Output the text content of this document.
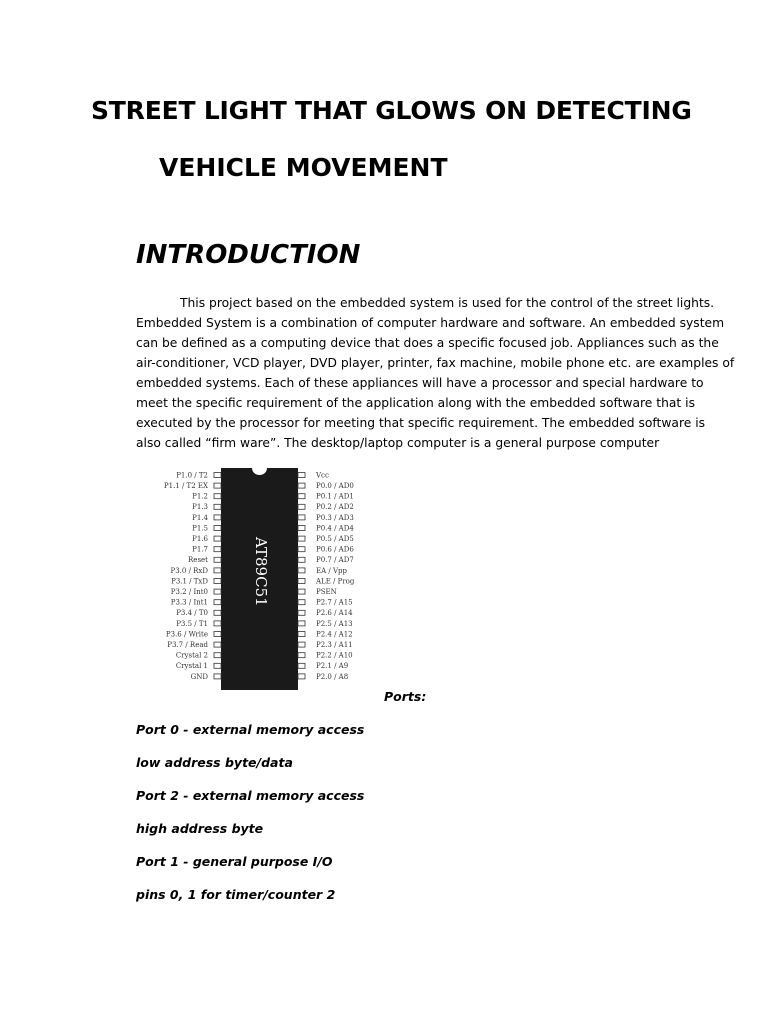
STREET LIGHT THAT GLOWS ON DETECTING
VEHICLE MOVEMENT
INTRODUCTION
This project based on the embedded system is used for the control of the street lights.
Embedded System is a combination of computer hardware and software. An embedded system
can be defined as a computing device that does a specific focused job. Appliances such as the
air-conditioner, VCD player, DVD player, printer, fax machine, mobile phone etc. are examples of
embedded systems. Each of these appliances will have a processor and special hardware to
meet the specific requirement of the application along with the embedded software that is
executed by the processor for meeting that specific requirement. The embedded software is
also called “firm ware”. The desktop/laptop computer is a general purpose computer
AT89C51
P1.0 / T2
P1.1 / T2 EX
P1.2
P1.3
P1.4
P1.5
P1.6
P1.7
Reset
P3.0 / RxD
P3.1 / TxD
P3.2 / Int0
P3.3 / Int1
P3.4 / T0
P3.5 / T1
P3.6 / Write
P3.7 / Read
Crystal 2
Crystal 1
GND
Vcc
P0.0 / AD0
P0.1 / AD1
P0.2 / AD2
P0.3 / AD3
P0.4 / AD4
P0.5 / AD5
P0.6 / AD6
P0.7 / AD7
EA / Vpp
ALE / Prog
PSEN
P2.7 / A15
P2.6 / A14
P2.5 / A13
P2.4 / A12
P2.3 / A11
P2.2 / A10
P2.1 / A9
P2.0 / A8
Ports:
Port 0 - external memory access
low address byte/data
Port 2 - external memory access
high address byte
Port 1 - general purpose I/O
pins 0, 1 for timer/counter 2
